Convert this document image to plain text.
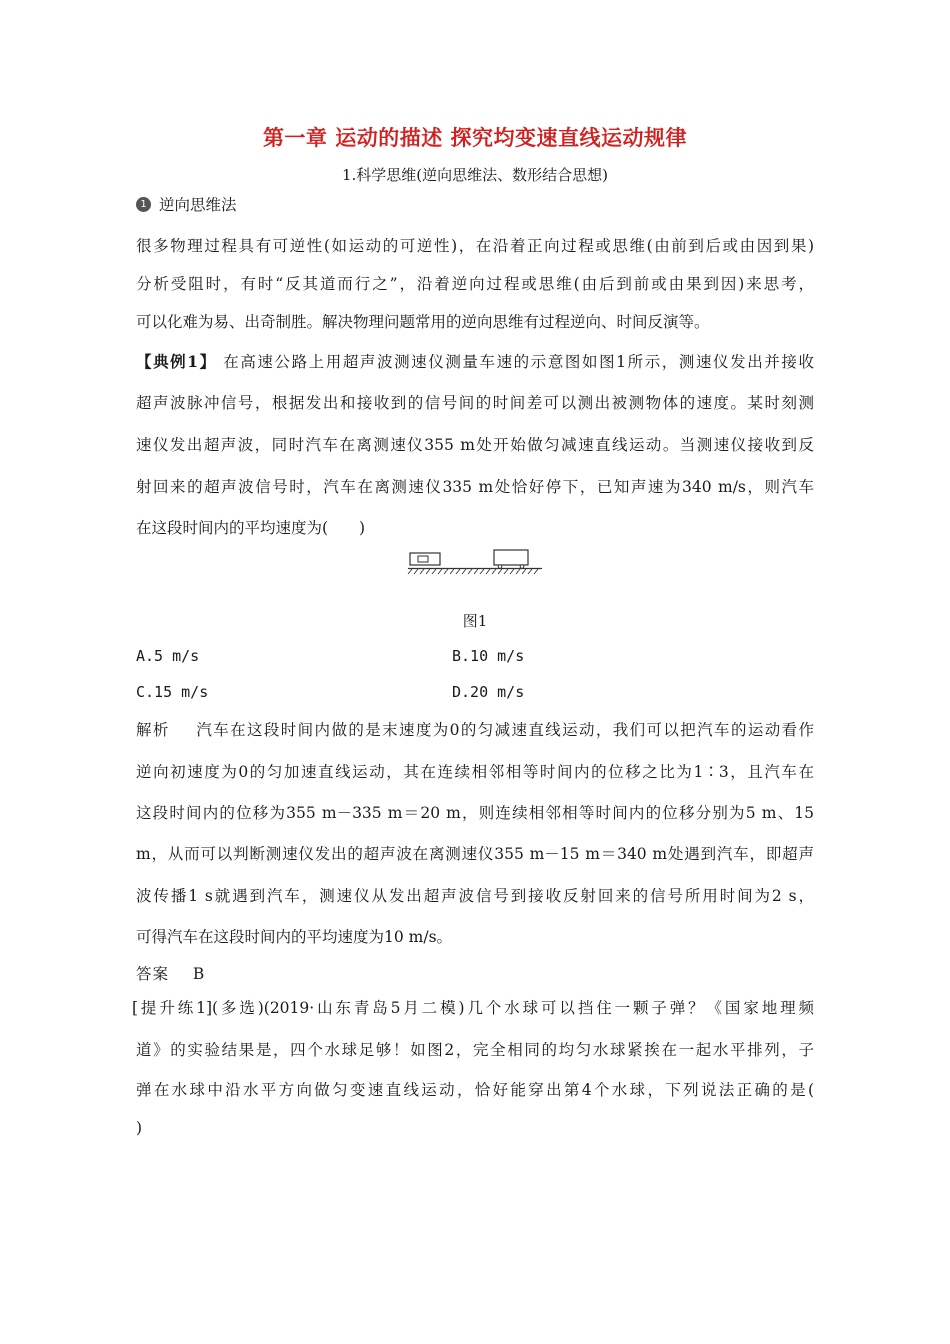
第一章 运动的描述 探究均变速直线运动规律
1.科学思维(逆向思维法、数形结合思想)
1 逆向思维法
很多物理过程具有可逆性(如运动的可逆性)，在沿着正向过程或思维(由前到后或由因到果)
分析受阻时，有时“反其道而行之”，沿着逆向过程或思维(由后到前或由果到因)来思考，
可以化难为易、出奇制胜。解决物理问题常用的逆向思维有过程逆向、时间反演等。
【典例1】 在高速公路上用超声波测速仪测量车速的示意图如图1所示，测速仪发出并接收
超声波脉冲信号，根据发出和接收到的信号间的时间差可以测出被测物体的速度。某时刻测
速仪发出超声波，同时汽车在离测速仪355 m处开始做匀减速直线运动。当测速仪接收到反
射回来的超声波信号时，汽车在离测速仪335 m处恰好停下，已知声速为340 m/s，则汽车
在这段时间内的平均速度为(　　)
图1
A.5 m/s	B.10 m/s
C.15 m/s	D.20 m/s
解析 汽车在这段时间内做的是末速度为0的匀减速直线运动，我们可以把汽车的运动看作
逆向初速度为0的匀加速直线运动，其在连续相邻相等时间内的位移之比为1∶3，且汽车在
这段时间内的位移为355 m－335 m＝20 m，则连续相邻相等时间内的位移分别为5 m、15
m，从而可以判断测速仪发出的超声波在离测速仪355 m－15 m＝340 m处遇到汽车，即超声
波传播1 s就遇到汽车，测速仪从发出超声波信号到接收反射回来的信号所用时间为2 s，
可得汽车在这段时间内的平均速度为10 m/s。
答案 B
[提升练1](多选)(2019·山东青岛5月二模)几个水球可以挡住一颗子弹？《国家地理频
道》的实验结果是，四个水球足够！如图2，完全相同的均匀水球紧挨在一起水平排列，子
弹在水球中沿水平方向做匀变速直线运动，恰好能穿出第4个水球，下列说法正确的是(
)
